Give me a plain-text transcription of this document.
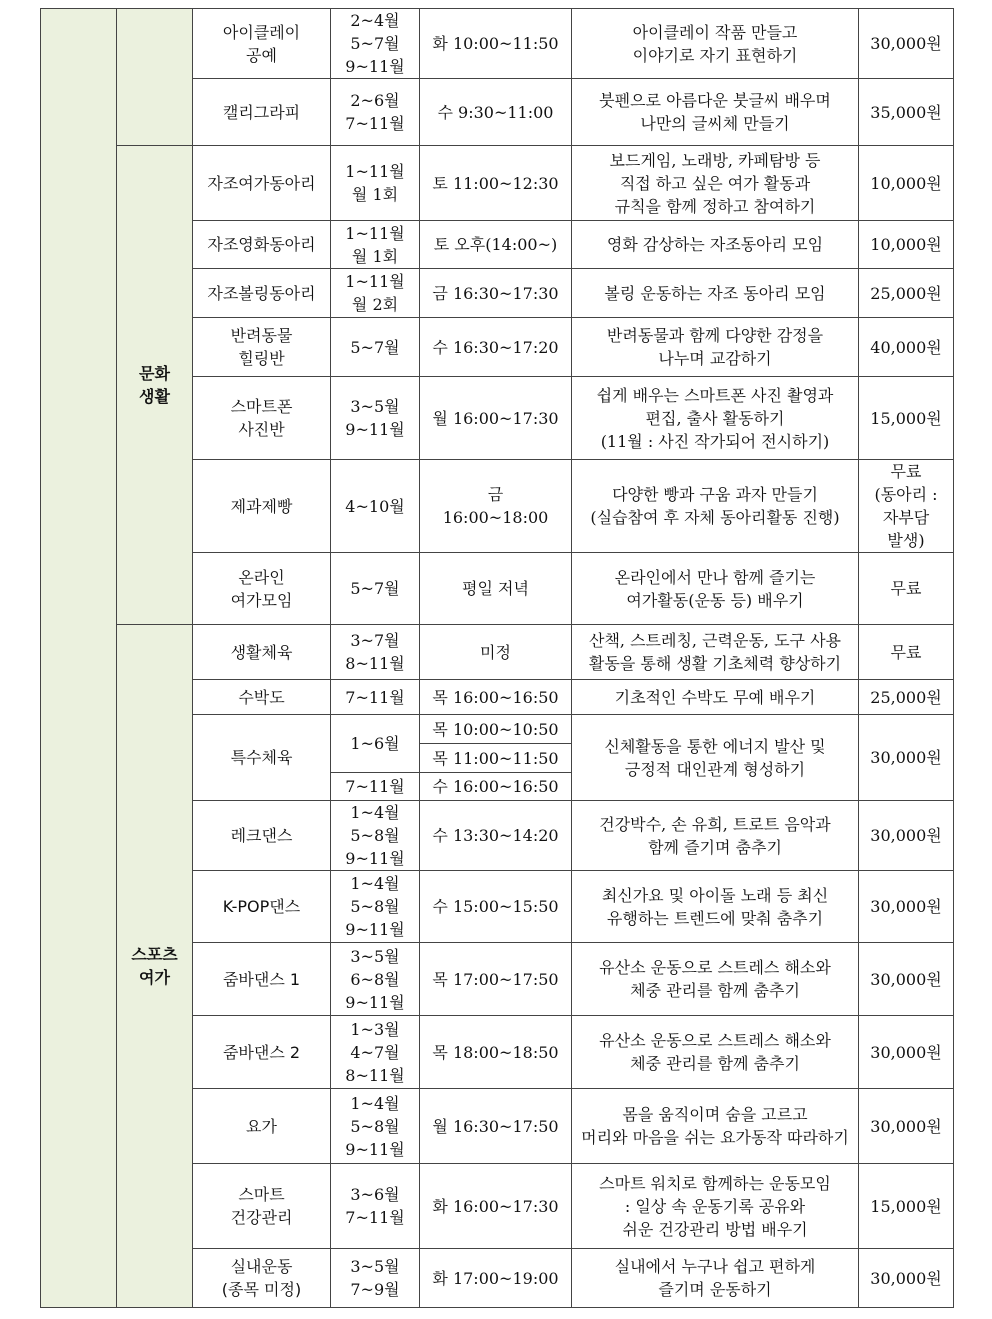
		아이클레이
공예	2~4월
5~7월
9~11월	화 10:00~11:50	아이클레이 작품 만들고
이야기로 자기 표현하기	30,000원
		캘리그라피	2~6월
7~11월	수 9:30~11:00	붓펜으로 아름다운 붓글씨 배우며
나만의 글씨체 만들기	35,000원
	문화
생활	자조여가동아리	1~11월
월 1회	토 11:00~12:30	보드게임, 노래방, 카페탐방 등
직접 하고 싶은 여가 활동과
규칙을 함께 정하고 참여하기	10,000원
		자조영화동아리	1~11월
월 1회	토 오후(14:00~)	영화 감상하는 자조동아리 모임	10,000원
		자조볼링동아리	1~11월
월 2회	금 16:30~17:30	볼링 운동하는 자조 동아리 모임	25,000원
		반려동물
힐링반	5~7월	수 16:30~17:20	반려동물과 함께 다양한 감정을
나누며 교감하기	40,000원
		스마트폰
사진반	3~5월
9~11월	월 16:00~17:30	쉽게 배우는 스마트폰 사진 촬영과
편집, 출사 활동하기
(11월 : 사진 작가되어 전시하기)	15,000원
		제과제빵	4~10월	금
16:00~18:00	다양한 빵과 구움 과자 만들기
(실습참여 후 자체 동아리활동 진행)	무료
(동아리 :
자부담
발생)
		온라인
여가모임	5~7월	평일 저녁	온라인에서 만나 함께 즐기는
여가활동(운동 등) 배우기	무료
	스포츠
여가	생활체육	3~7월
8~11월	미정	산책, 스트레칭, 근력운동, 도구 사용
활동을 통해 생활 기초체력 향상하기	무료
		수박도	7~11월	목 16:00~16:50	기초적인 수박도 무예 배우기	25,000원
		특수체육	1~6월	목 10:00~10:50	신체활동을 통한 에너지 발산 및
긍정적 대인관계 형성하기	30,000원
				목 11:00~11:50		
			7~11월	수 16:00~16:50		
		레크댄스	1~4월
5~8월
9~11월	수 13:30~14:20	건강박수, 손 유희, 트로트 음악과
함께 즐기며 춤추기	30,000원
		K-POP댄스	1~4월
5~8월
9~11월	수 15:00~15:50	최신가요 및 아이돌 노래 등 최신
유행하는 트렌드에 맞춰 춤추기	30,000원
		줌바댄스 1	3~5월
6~8월
9~11월	목 17:00~17:50	유산소 운동으로 스트레스 해소와
체중 관리를 함께 춤추기	30,000원
		줌바댄스 2	1~3월
4~7월
8~11월	목 18:00~18:50	유산소 운동으로 스트레스 해소와
체중 관리를 함께 춤추기	30,000원
		요가	1~4월
5~8월
9~11월	월 16:30~17:50	몸을 움직이며 숨을 고르고
머리와 마음을 쉬는 요가동작 따라하기	30,000원
		스마트
건강관리	3~6월
7~11월	화 16:00~17:30	스마트 워치로 함께하는 운동모임
: 일상 속 운동기록 공유와
쉬운 건강관리 방법 배우기	15,000원
		실내운동
(종목 미정)	3~5월
7~9월	화 17:00~19:00	실내에서 누구나 쉽고 편하게
즐기며 운동하기	30,000원
